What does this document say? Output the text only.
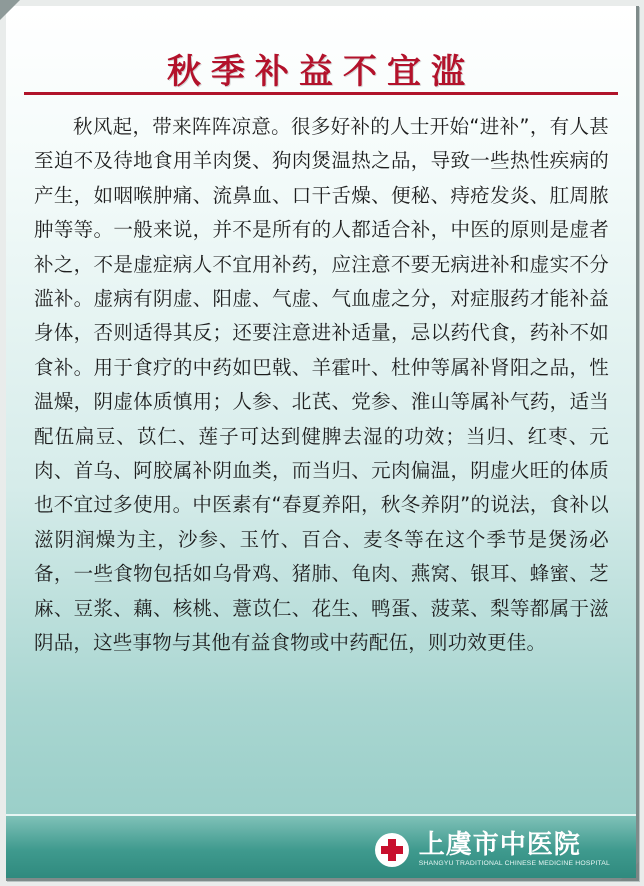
秋季补益不宜滥
秋风起，带来阵阵凉意。很多好补的人士开始“进补”，有人甚至迫不及待地食用羊肉煲、狗肉煲温热之品，导致一些热性疾病的产生，如咽喉肿痛、流鼻血、口干舌燥、便秘、痔疮发炎、肛周脓肿等等。一般来说，并不是所有的人都适合补，中医的原则是虚者补之，不是虚症病人不宜用补药，应注意不要无病进补和虚实不分滥补。虚病有阴虚、阳虚、气虚、气血虚之分，对症服药才能补益身体，否则适得其反；还要注意进补适量，忌以药代食，药补不如食补。用于食疗的中药如巴戟、羊霍叶、杜仲等属补肾阳之品，性温燥，阴虚体质慎用；人参、北芪、党参、淮山等属补气药，适当配伍扁豆、苡仁、莲子可达到健脾去湿的功效；当归、红枣、元肉、首乌、阿胶属补阴血类，而当归、元肉偏温，阴虚火旺的体质也不宜过多使用。中医素有“春夏养阳，秋冬养阴”的说法，食补以滋阴润燥为主，沙参、玉竹、百合、麦冬等在这个季节是煲汤必备，一些食物包括如乌骨鸡、猪肺、龟肉、燕窝、银耳、蜂蜜、芝麻、豆浆、藕、核桃、薏苡仁、花生、鸭蛋、菠菜、梨等都属于滋阴品，这些事物与其他有益食物或中药配伍，则功效更佳。
上虞市中医院
SHANGYU TRADITIONAL CHINESE MEDICINE HOSPITAL
